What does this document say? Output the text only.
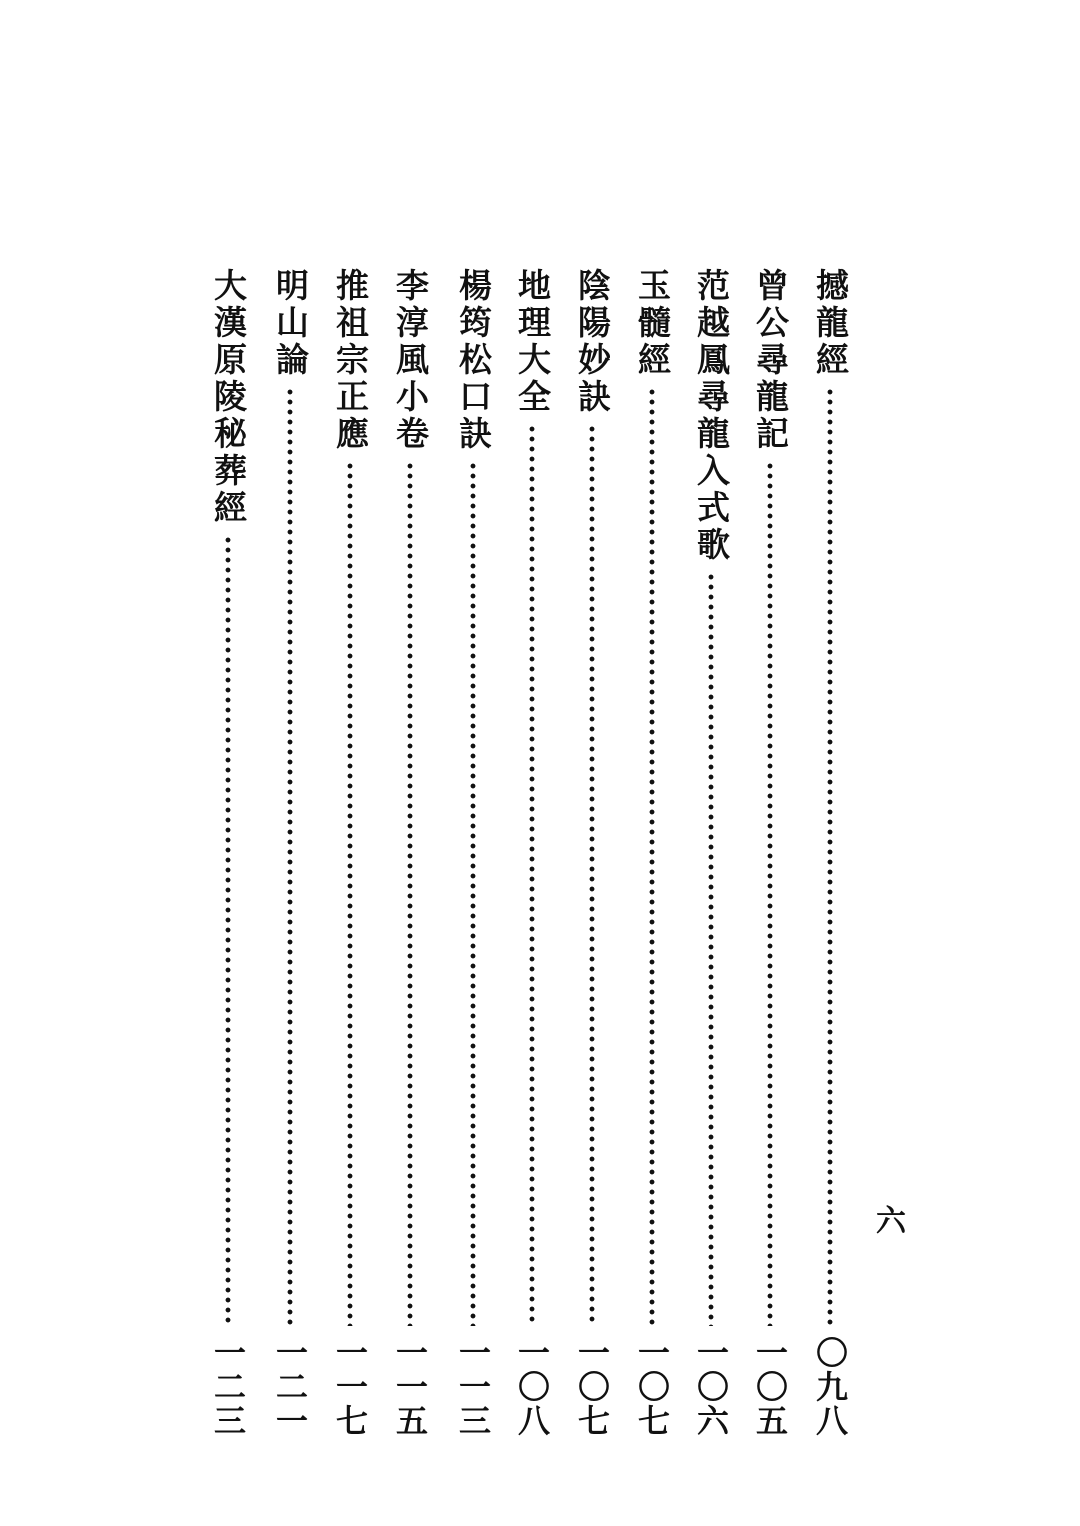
撼龍經
〇九八
曾公尋龍記
一〇五
范越鳳尋龍入式歌
一〇六
玉髓經
一〇七
陰陽妙訣
一〇七
地理大全
一〇八
楊筠松口訣
一一三
李淳風小卷
一一五
推祖宗正應
一一七
明山論
一二一
大漢原陵秘葬經
一二三
六
